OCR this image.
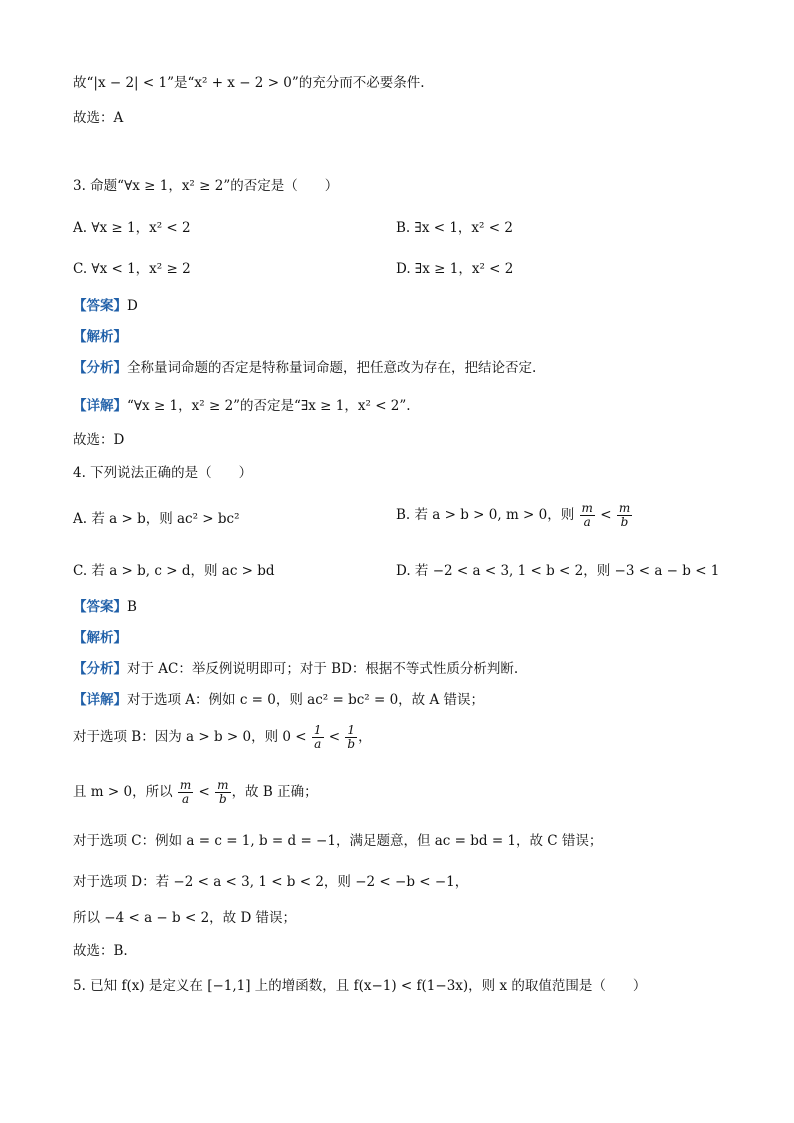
故“|x − 2| < 1”是“x² + x − 2 > 0”的充分而不必要条件.
故选：A
3. 命题“∀x ≥ 1，x² ≥ 2”的否定是（　　）
A. ∀x ≥ 1，x² < 2	B. ∃x < 1，x² < 2
C. ∀x < 1，x² ≥ 2	D. ∃x ≥ 1，x² < 2
【答案】D
【解析】
【分析】全称量词命题的否定是特称量词命题，把任意改为存在，把结论否定.
【详解】“∀x ≥ 1，x² ≥ 2”的否定是“∃x ≥ 1，x² < 2”.
故选：D
4. 下列说法正确的是（　　）
A. 若 a > b，则 ac² > bc²	B. 若 a > b > 0, m > 0，则 $\frac{m}{a} < \frac{m}{b}$
C. 若 a > b, c > d，则 ac > bd	D. 若 −2 < a < 3, 1 < b < 2，则 −3 < a − b < 1
【答案】B
【解析】
【分析】对于 AC：举反例说明即可；对于 BD：根据不等式性质分析判断.
【详解】对于选项 A：例如 c = 0，则 ac² = bc² = 0，故 A 错误；
对于选项 B：因为 a > b > 0，则 $0 < \frac{1}{a} < \frac{1}{b}$ ，
且 m > 0，所以 $\frac{m}{a} < \frac{m}{b}$ ，故 B 正确；
对于选项 C：例如 a = c = 1, b = d = −1，满足题意，但 ac = bd = 1，故 C 错误；
对于选项 D：若 −2 < a < 3, 1 < b < 2，则 −2 < −b < −1，
所以 −4 < a − b < 2，故 D 错误；
故选：B.
5. 已知 f(x) 是定义在 [−1,1] 上的增函数，且 f(x−1) < f(1−3x)，则 x 的取值范围是（　　）
